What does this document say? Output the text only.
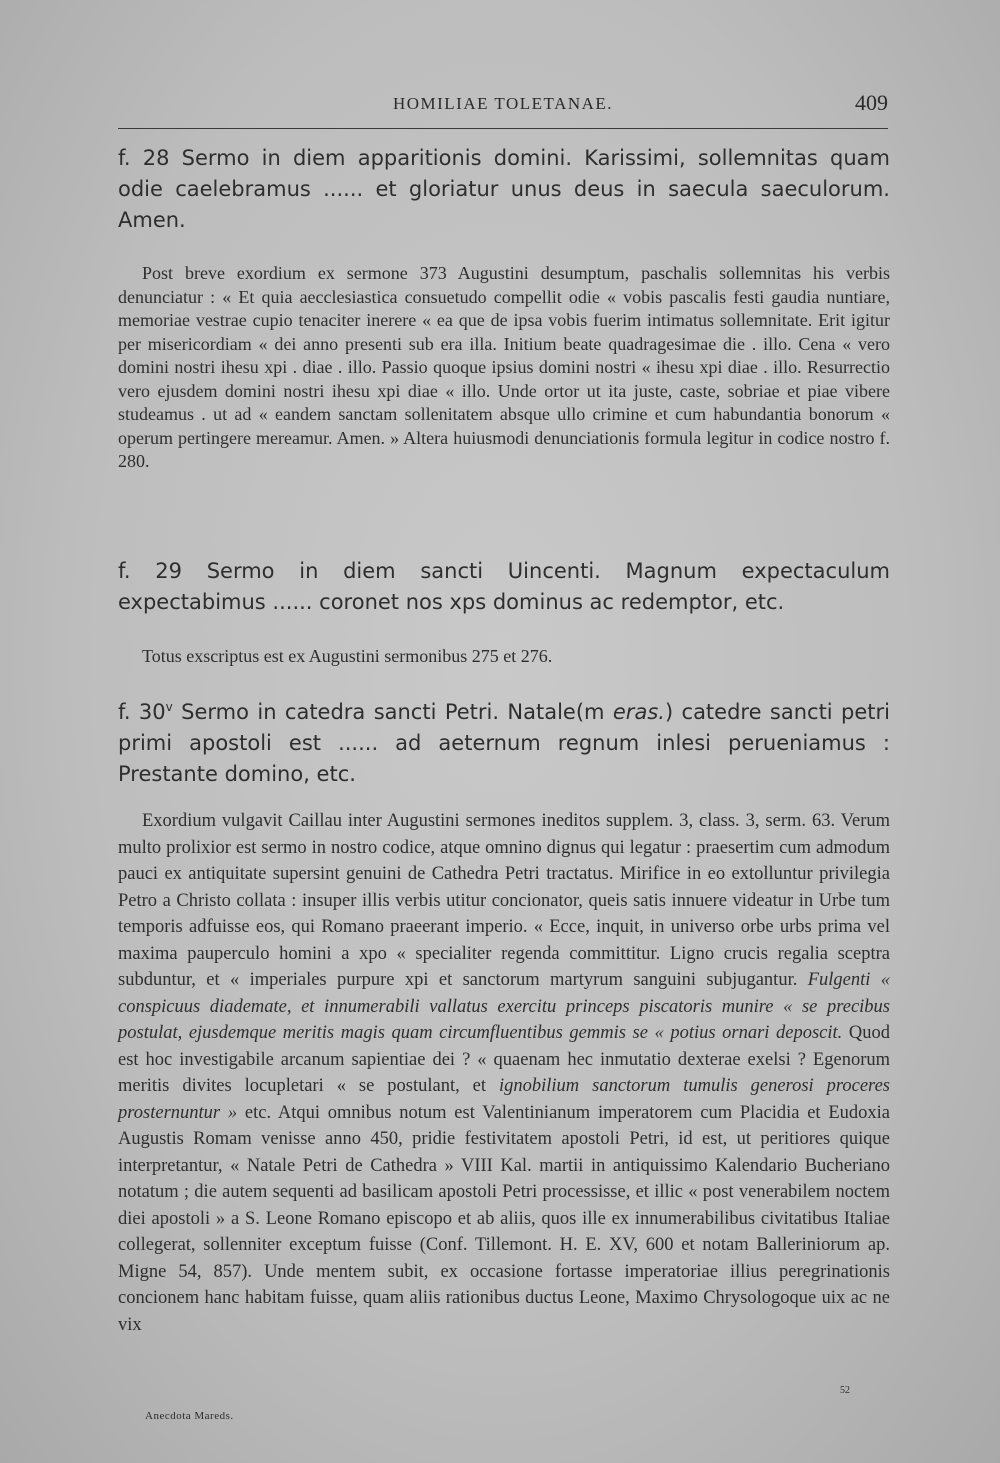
HOMILIAE TOLETANAE.	409
f. 28 Sermo in diem apparitionis domini. Karissimi, sollemnitas quam odie caelebramus ...... et gloriatur unus deus in saecula saeculorum. Amen.
Post breve exordium ex sermone 373 Augustini desumptum, paschalis sollemnitas his verbis denunciatur : « Et quia aecclesiastica consuetudo compellit odie « vobis pascalis festi gaudia nuntiare, memoriae vestrae cupio tenaciter inerere « ea que de ipsa vobis fuerim intimatus sollemnitate. Erit igitur per misericordiam « dei anno presenti sub era illa. Initium beate quadragesimae die . illo. Cena « vero domini nostri ihesu xpi . diae . illo. Passio quoque ipsius domini nostri « ihesu xpi diae . illo. Resurrectio vero ejusdem domini nostri ihesu xpi diae « illo. Unde ortor ut ita juste, caste, sobriae et piae vibere studeamus . ut ad « eandem sanctam sollenitatem absque ullo crimine et cum habundantia bonorum « operum pertingere mereamur. Amen. » Altera huiusmodi denunciationis formula legitur in codice nostro f. 280.
f. 29 Sermo in diem sancti Uincenti. Magnum expectaculum expectabimus ...... coronet nos xps dominus ac redemptor, etc.
Totus exscriptus est ex Augustini sermonibus 275 et 276.
f. 30$^v$ Sermo in catedra sancti Petri. Natale(m eras.) catedre sancti petri primi apostoli est ...... ad aeternum regnum inlesi perueniamus : Prestante domino, etc.
Exordium vulgavit Caillau inter Augustini sermones ineditos supplem. 3, class. 3, serm. 63. Verum multo prolixior est sermo in nostro codice, atque omnino dignus qui legatur : praesertim cum admodum pauci ex antiquitate supersint genuini de Cathedra Petri tractatus. Mirifice in eo extolluntur privilegia Petro a Christo collata : insuper illis verbis utitur concionator, queis satis innuere videatur in Urbe tum temporis adfuisse eos, qui Romano praeerant imperio. « Ecce, inquit, in universo orbe urbs prima vel maxima pauperculo homini a xpo « specialiter regenda committitur. Ligno crucis regalia sceptra subduntur, et « imperiales purpure xpi et sanctorum martyrum sanguini subjugantur. Fulgenti « conspicuus diademate, et innumerabili vallatus exercitu princeps piscatoris munire « se precibus postulat, ejusdemque meritis magis quam circumfluentibus gemmis se « potius ornari deposcit. Quod est hoc investigabile arcanum sapientiae dei ? « quaenam hec inmutatio dexterae exelsi ? Egenorum meritis divites locupletari « se postulant, et ignobilium sanctorum tumulis generosi proceres prosternuntur » etc. Atqui omnibus notum est Valentinianum imperatorem cum Placidia et Eudoxia Augustis Romam venisse anno 450, pridie festivitatem apostoli Petri, id est, ut peritiores quique interpretantur, « Natale Petri de Cathedra » VIII Kal. martii in antiquissimo Kalendario Bucheriano notatum ; die autem sequenti ad basilicam apostoli Petri processisse, et illic « post venerabilem noctem diei apostoli » a S. Leone Romano episcopo et ab aliis, quos ille ex innumerabilibus civitatibus Italiae collegerat, sollenniter exceptum fuisse (Conf. Tillemont. H. E. XV, 600 et notam Balleriniorum ap. Migne 54, 857). Unde mentem subit, ex occasione fortasse imperatoriae illius peregrinationis concionem hanc habitam fuisse, quam aliis rationibus ductus Leone, Maximo Chrysologoque uix ac ne vix
Anecdota Mareds.
52
